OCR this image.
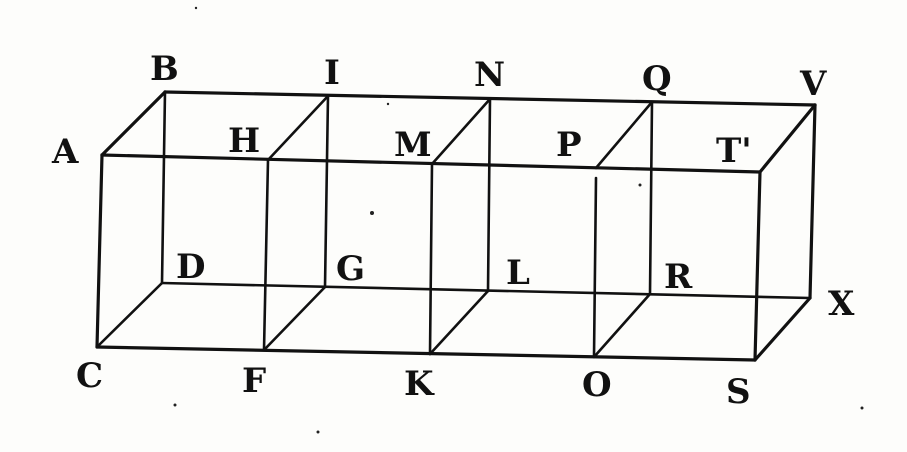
A
B	I	N	Q	V
H	M	P	T'
D	G	L	R
X
C	F	K	O	S
